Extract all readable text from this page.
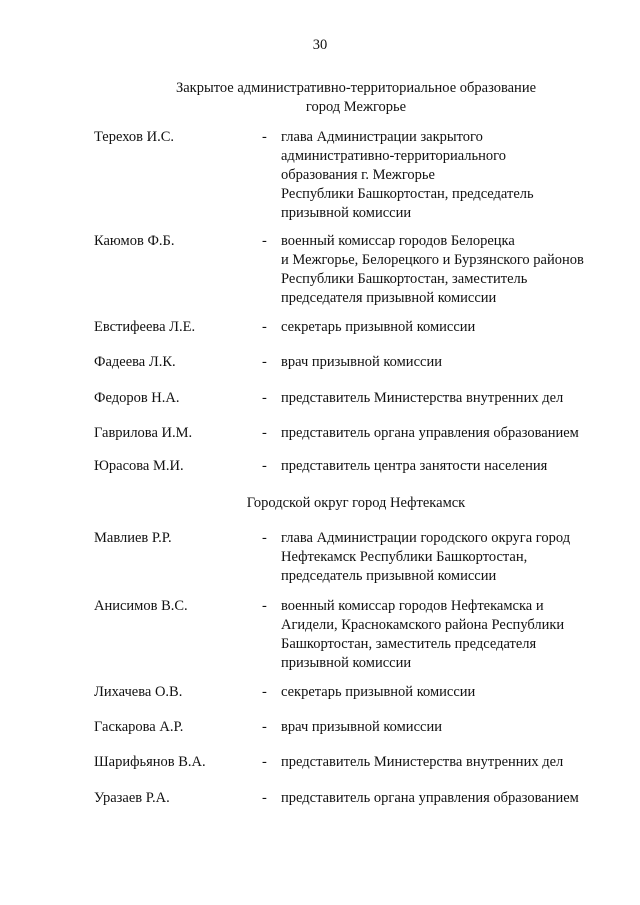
30
Закрытое административно-территориальное образование
город Межгорье
Терехов И.С.	- глава Администрации закрытого
административно-территориального
образования г. Межгорье
Республики Башкортостан, председатель
призывной комиссии
Каюмов Ф.Б.	- военный комиссар городов Белорецка
и Межгорье, Белорецкого и Бурзянского районов
Республики Башкортостан, заместитель
председателя призывной комиссии
Евстифеева Л.Е.	- секретарь призывной комиссии
Фадеева Л.К.	- врач призывной комиссии
Федоров Н.А.	- представитель Министерства внутренних дел
Гаврилова И.М.	- представитель органа управления образованием
Юрасова М.И.	- представитель центра занятости населения
Городской округ город Нефтекамск
Мавлиев Р.Р.	- глава Администрации городского округа город
Нефтекамск Республики Башкортостан,
председатель призывной комиссии
Анисимов В.С.	- военный комиссар городов Нефтекамска и
Агидели, Краснокамского района Республики
Башкортостан, заместитель председателя
призывной комиссии
Лихачева О.В.	- секретарь призывной комиссии
Гаскарова А.Р.	- врач призывной комиссии
Шарифьянов В.А.	- представитель Министерства внутренних дел
Уразаев Р.А.	- представитель органа управления образованием
